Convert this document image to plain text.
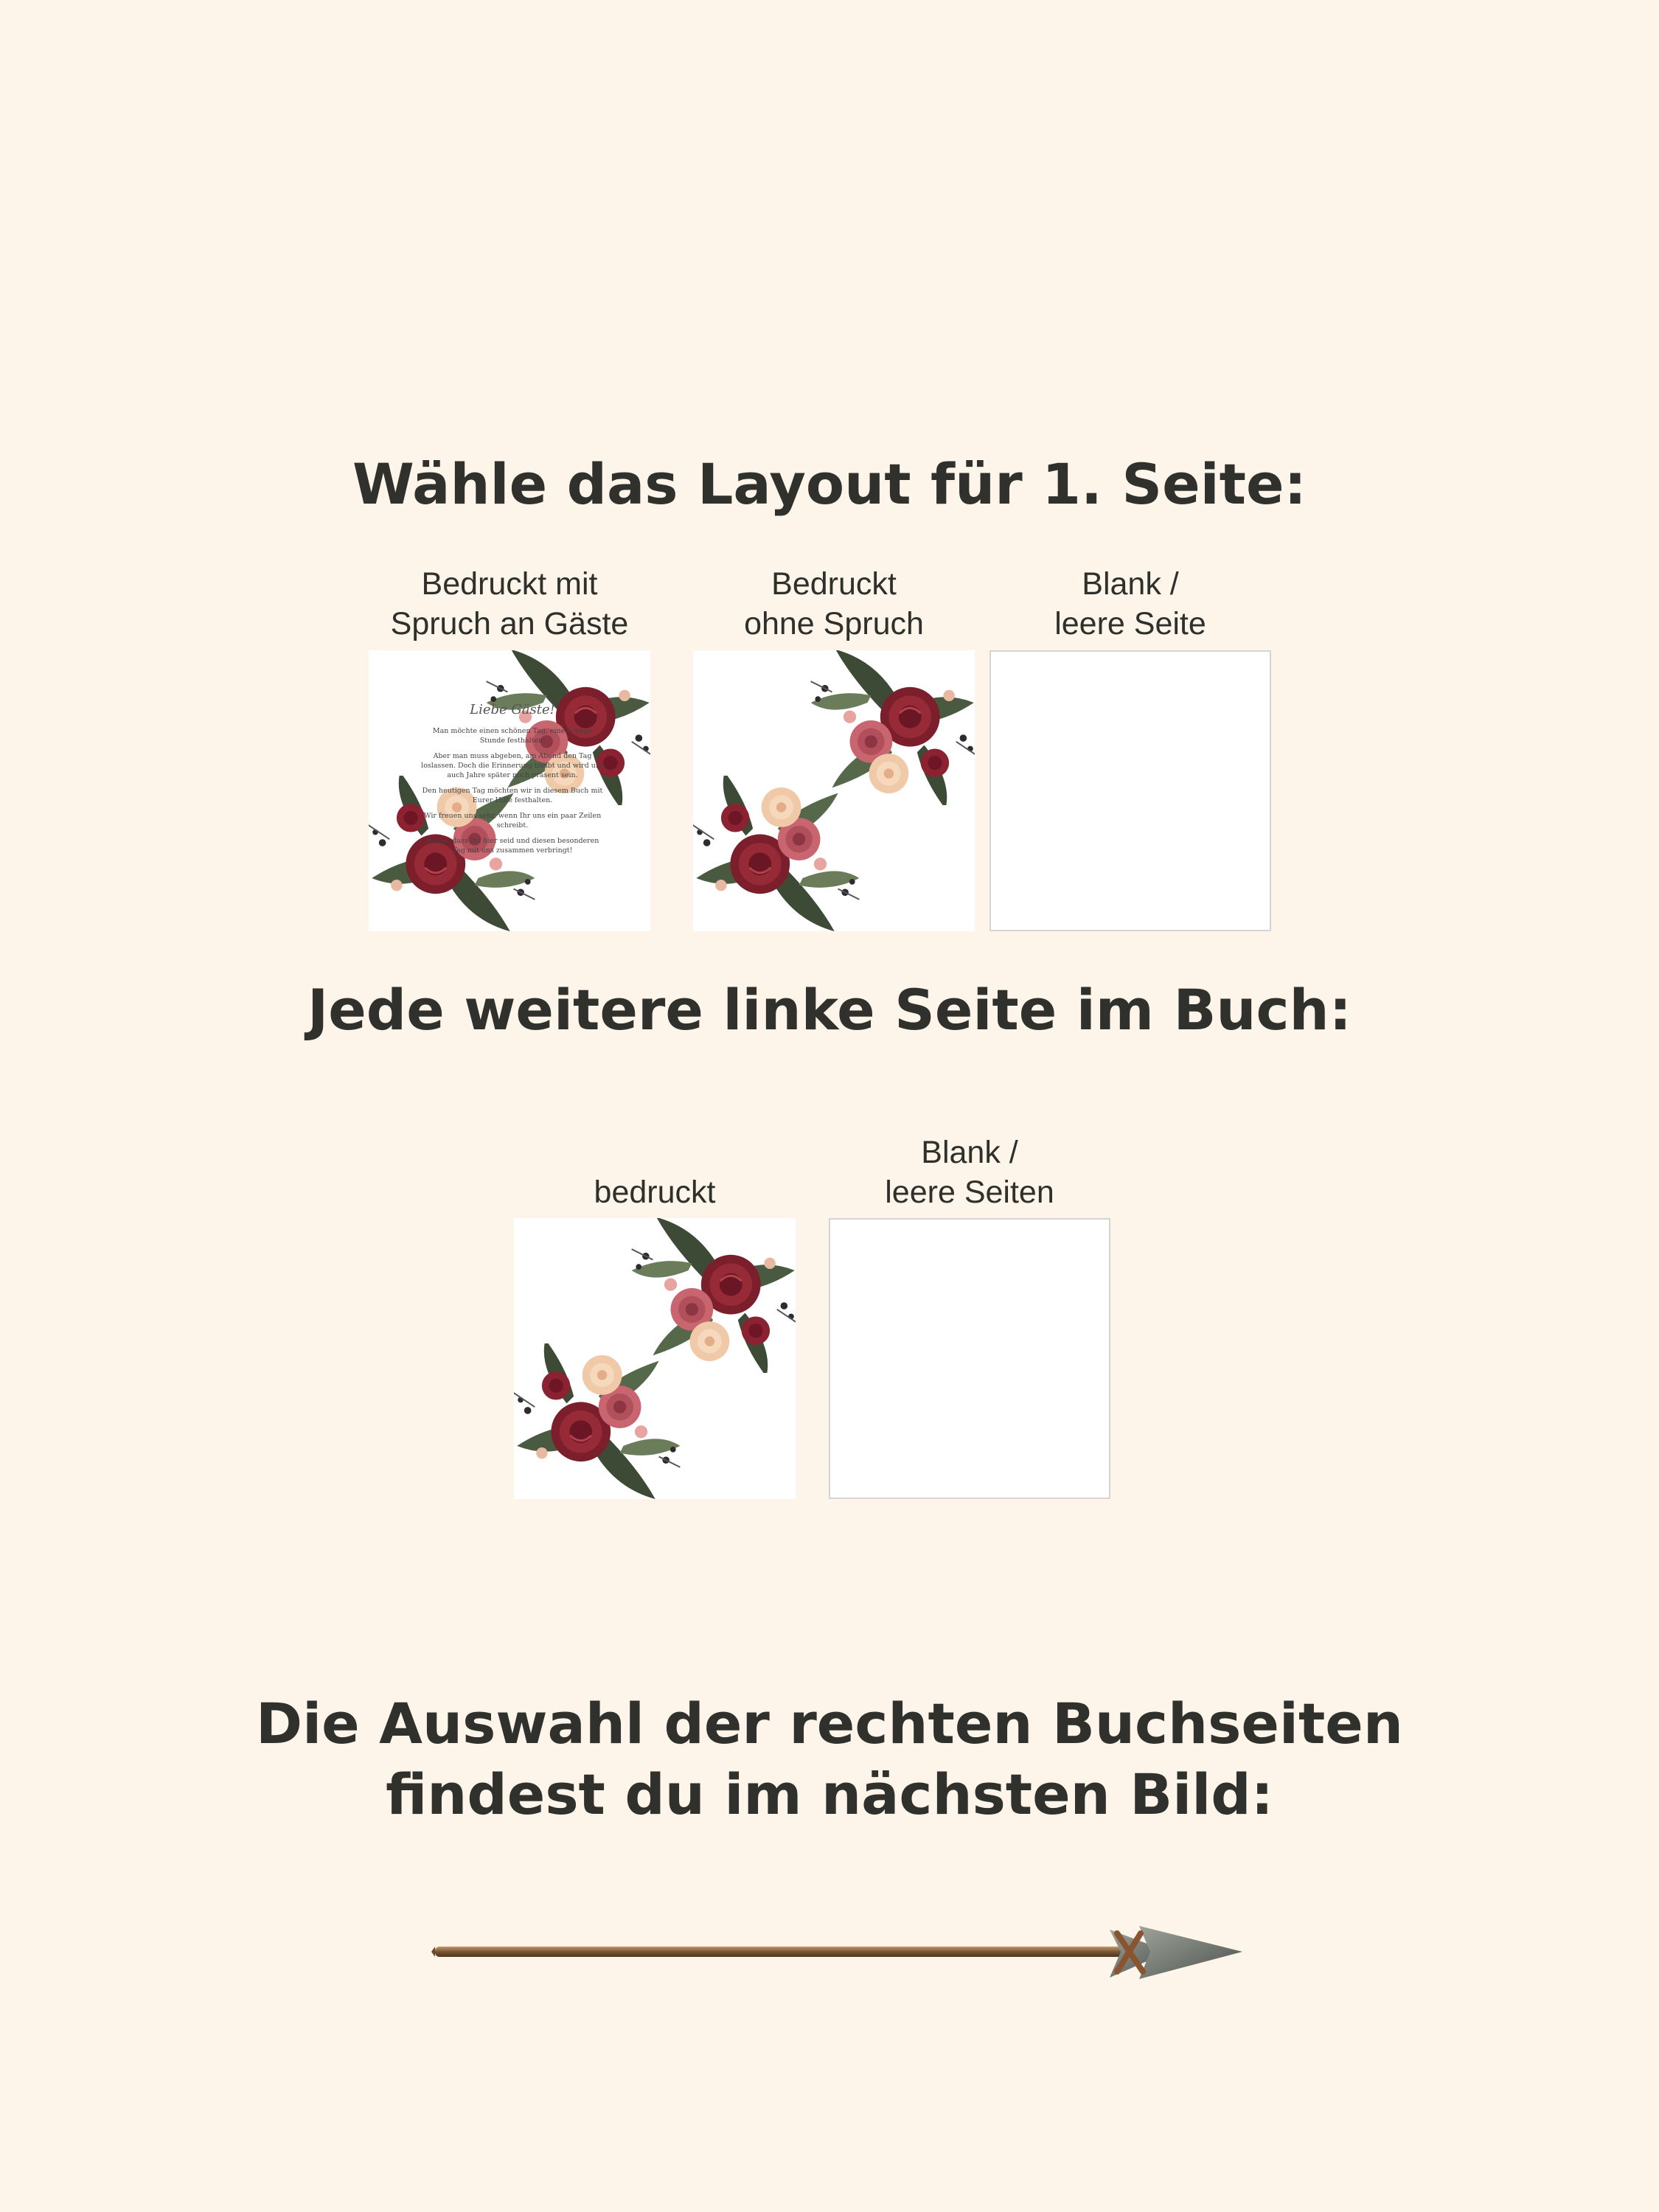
Wähle das Layout für 1. Seite:
Bedruckt mit
Spruch an Gäste
Liebe Gäste!

Man möchte einen schönen Tag, eine schöne Stunde festhalten.

Aber man muss abgeben, am Abend den Tag loslassen. Doch die Erinnerung bleibt und wird uns auch Jahre später noch präsent sein.

Den heutigen Tag möchten wir in diesem Buch mit Eurer Hilfe festhalten.

Wir freuen uns sehr, wenn Ihr uns ein paar Zeilen schreibt.

Schön, dass Ihr hier seid und diesen besonderen Tag mit uns zusammen verbringt!

Bedruckt
ohne Spruch
Blank /
leere Seite
Jede weitere linke Seite im Buch:
bedruckt
Blank /
leere Seiten
Die Auswahl der rechten Buchseiten
findest du im nächsten Bild:
